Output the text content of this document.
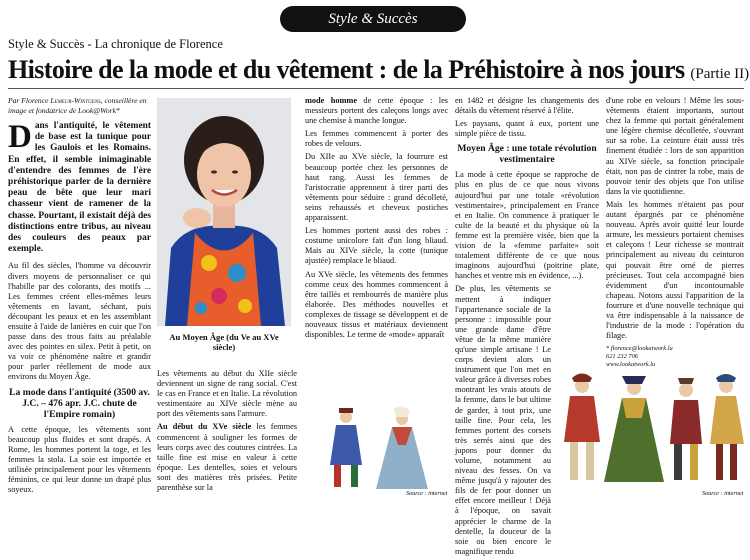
Style & Succès
Style & Succès - La chronique de Florence
Histoire de la mode et du vêtement : de la Préhistoire à nos jours (Partie II)
Par Florence Lemeur-Wintgens, conseillère en image et fondatrice de Look@Work*
Dans l'antiquité, le vêtement de base est la tunique pour les Gaulois et les Romains. En effet, il semble inimaginable d'entendre des femmes de l'ère préhistorique parler de la dernière peau de bête que leur mari chasseur vient de ramener de la chasse. Pourtant, il existait déjà des distinctions entre tribus, au niveau des couleurs des peaux par exemple.

Au fil des siècles, l'homme va découvrir divers moyens de personnaliser ce qui l'habille par des colorants, des motifs ... Les femmes créent elles-mêmes leurs vêtements en lavant, séchant, puis découpant les peaux et en les assemblant ensuite à l'aide de lanières en cuir que l'on passe dans des trous faits au préalable avec des pointes en silex. Petit à petit, on va voir ce phénomène naître et grandir pour parler réellement de mode aux environs du Moyen Âge.

La mode dans l'antiquité (3500 av. J.C. – 476 apr. J.C. chute de l'Empire romain)

A cette époque, les vêtements sont beaucoup plus fluides et sont drapés. A Rome, les hommes portent la toge, et les femmes la stola. La soie est importée et utilisée principalement pour les vêtements féminins, ce qui leur donne un drapé plus soyeux.

Au Moyen Âge (du Ve au XVe siècle)

Les vêtements au début du XIIe siècle deviennent un signe de rang social. C'est le cas en France et en Italie. La révolution vestimentaire au XIVe siècle mène au port des vêtements sans l'armure.

Au début du XVe siècle les femmes commencent à souligner les formes de leurs corps avec des coutures cintrées. La taille fine est mise en valeur à cette époque. Les dentelles, soies et velours sont des matières très prisées. Petite parenthèse sur la

mode homme de cette époque : les messieurs portent des caleçons longs avec une chemise à manche longue.

Les femmes commencent à porter des robes de velours.

Du XIIe au XVe siècle, la fourrure est beaucoup portée chez les personnes de haut rang. Aussi les femmes de l'aristocratie apprennent à tirer parti des vêtements pour séduire : grand décolleté, seins rehaussés et cheveux postiches apparaissent.

Les hommes portent aussi des robes : costume unicolore fait d'un long bliaud. Mais au XIVe siècle, la cotte (tunique ajustée) remplace le bliaud.

Au XVe siècle, les vêtements des femmes comme ceux des hommes commencent à être taillés et rembourrés de manière plus élaborée. Des méthodes nouvelles et complexes de tissage se développent et de nouveaux tissus et matériaux deviennent disponibles. Le terme de «mode» apparaît

Source : internet

en 1482 et désigne les changements des détails du vêtement réservé à l'élite.

Les paysans, quant à eux, portent une simple pièce de tissu.

Moyen Âge : une totale révolution vestimentaire

La mode à cette époque se rapproche de plus en plus de ce que nous vivons aujourd'hui par une totale «révolution vestimentaire», principalement en France et en Italie. On commence à pratiquer le culte de la beauté et du physique où la femme est la première visée, bien que la vision de la «femme parfaite» soit totalement différente de ce que nous imaginons aujourd'hui (poitrine plate, hanches et ventre mis en évidence, ...).

De plus, les vêtements se mettent à indiquer l'appartenance sociale de la personne : impossible pour une grande dame d'être vêtue de la même manière qu'une simple artisane ! Le corps devient alors un instrument que l'on met en valeur grâce à diverses robes montrant les vrais atouts de la femme, dans le but ultime de garder, à tout prix, une taille fine. Pour cela, les femmes portent des corsets très serrés ainsi que des jupons pour donner du volume, notamment au niveau des fesses. On va même jusqu'à y rajouter des fils de fer pour donner un effet encore meilleur ! Déjà à l'époque, on savait apprécier le charme de la dentelle, la douceur de la soie ou bien encore le magnifique rendu

d'une robe en velours ! Même les sous-vêtements étaient importants, surtout chez la femme qui portait généralement une légère chemise décolletée, s'ouvrant sur sa robe. La ceinture était aussi très finement étudiée : lors de son apparition au XIVe siècle, sa fonction principale était, non pas de cintrer la robe, mais de pouvoir tenir des objets que l'on utilise dans la vie quotidienne.

Mais les hommes n'étaient pas pour autant épargnés par ce phénomène nouveau. Après avoir quitté leur lourde armure, les messieurs portaient chemises et caleçons ! Leur richesse se montrait principalement au niveau du ceinturon qui pouvait être orné de pierres précieuses. Tout cela accompagné bien évidemment d'un incontournable chapeau. Notons aussi l'apparition de la fourrure et d'une nouvelle technique qui va être indispensable à la naissance de l'industrie de la mode : l'opération du filage.

* florence@lookatwork.lu
621 232 706
www.lookatwork.lu
Source : internet
